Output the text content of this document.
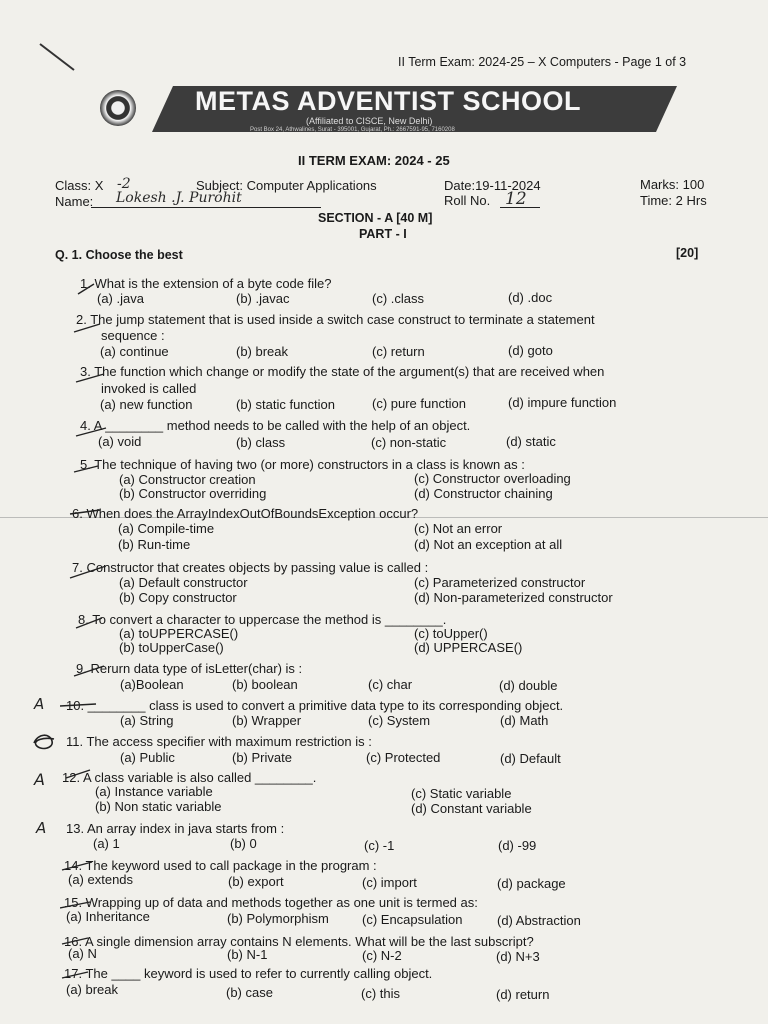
II Term Exam: 2024-25 – X Computers - Page 1 of 3
METAS ADVENTIST SCHOOL
(Affiliated to CISCE, New Delhi)
Post Box 24, Athwalines, Surat - 395001, Gujarat, Ph.: 2667591-95, 7160208
II TERM EXAM: 2024 - 25
Class: X -2	Subject: Computer Applications	Date:19-11-2024	Marks: 100
Name: Lokesh .J. Purohit	Roll No. 12	Time: 2 Hrs
SECTION - A [40 M]
PART - I
Q. 1. Choose the best	[20]
1. What is the extension of a byte code file?
(a) .java	(b) .javac	(c) .class	(d) .doc
2. The jump statement that is used inside a switch case construct to terminate a statement
sequence :
(a) continue	(b) break	(c) return	(d) goto
3. The function which change or modify the state of the argument(s) that are received when
invoked is called
(a) new function	(b) static function	(c) pure function	(d) impure function
4. A ________ method needs to be called with the help of an object.
(a) void	(b) class	(c) non-static	(d) static
5. The technique of having two (or more) constructors in a class is known as :
(a) Constructor creation	(c) Constructor overloading
(b) Constructor overriding	(d) Constructor chaining
6. When does the ArrayIndexOutOfBoundsException occur?
(a) Compile-time	(c) Not an error
(b) Run-time	(d) Not an exception at all
7. Constructor that creates objects by passing value is called :
(a) Default constructor	(c) Parameterized constructor
(b) Copy constructor	(d) Non-parameterized constructor
8. To convert a character to uppercase the method is ________.
(a) toUPPERCASE()	(c) toUpper()
(b) toUpperCase()	(d) UPPERCASE()
9. Rerurn data type of isLetter(char) is :
(a)Boolean	(b) boolean	(c) char	(d) double
A 10. ________ class is used to convert a primitive data type to its corresponding object.
(a) String	(b) Wrapper	(c) System	(d) Math
11. The access specifier with maximum restriction is :
(a) Public	(b) Private	(c) Protected	(d) Default
A 12. A class variable is also called ________.
(a) Instance variable	(c) Static variable
(b) Non static variable	(d) Constant variable
A 13. An array index in java starts from :
(a) 1	(b) 0	(c) -1	(d) -99
14. The keyword used to call package in the program :
(a) extends	(b) export	(c) import	(d) package
15. Wrapping up of data and methods together as one unit is termed as:
(a) Inheritance	(b) Polymorphism	(c) Encapsulation	(d) Abstraction
16. A single dimension array contains N elements. What will be the last subscript?
(a) N	(b) N-1	(c) N-2	(d) N+3
17. The ____ keyword is used to refer to currently calling object.
(a) break	(b) case	(c) this	(d) return
